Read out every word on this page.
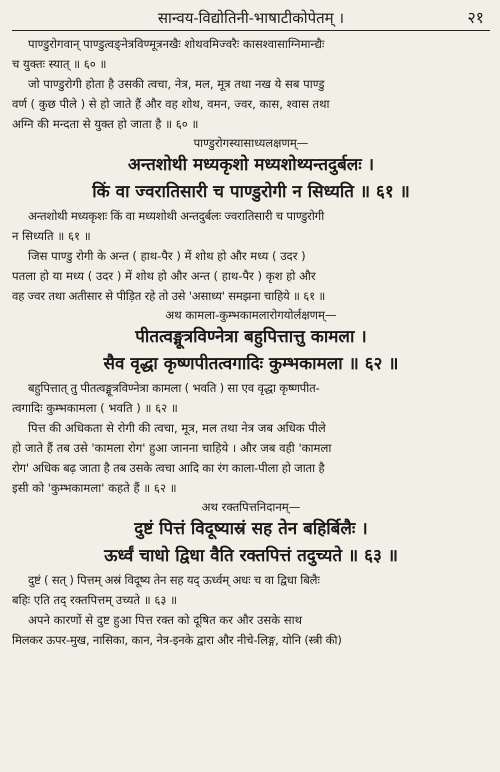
सान्वय-विद्योतिनी-भाषाटीकोपेतम् ।	२१
पाण्डुरोगवान् पाण्डुत्वङ्नेत्रविण्मूत्रनखैः शोथवमिज्वरैः कासश्वासाग्निमान्द्यैः
च युक्तः स्यात् ॥ ६० ॥
जो पाण्डुरोगी होता है उसकी त्वचा, नेत्र, मल, मूत्र तथा नख ये सब पाण्डु
वर्ण ( कुछ पीले ) से हो जाते हैं और वह शोथ, वमन, ज्वर, कास, श्वास तथा
अग्नि की मन्दता से युक्त हो जाता है ॥ ६० ॥
पाण्डुरोगस्यासाध्यलक्षणम्—
अन्तशोथी मध्यकृशो मध्यशोथ्यन्तदुर्बलः ।
किं वा ज्वरातिसारी च पाण्डुरोगी न सिध्यति ॥ ६१ ॥
अन्तशोथी मध्यकृशः किं वा मध्यशोथी अन्तदुर्बलः ज्वरातिसारी च पाण्डुरोगी
न सिध्यति ॥ ६१ ॥
जिस पाण्डु रोगी के अन्त ( हाथ-पैर ) में शोथ हो और मध्य ( उदर )
पतला हो या मध्य ( उदर ) में शोथ हो और अन्त ( हाथ-पैर ) कृश हो और
वह ज्वर तथा अतीसार से पीड़ित रहे तो उसे 'असाध्य' समझना चाहिये ॥ ६१ ॥
अथ कामला-कुम्भकामलारोगयोर्लक्षणम्—
पीतत्वङ्मूत्रविण्नेत्रा बहुपित्तात्तु कामला ।
सैव वृद्धा कृष्णपीतत्वगादिः कुम्भकामला ॥ ६२ ॥
बहुपित्तात् तु पीतत्वङ्मूत्रविण्नेत्रा कामला ( भवति ) सा एव वृद्धा कृष्णपीत-
त्वगादिः कुम्भकामला ( भवति ) ॥ ६२ ॥
पित्त की अधिकता से रोगी की त्वचा, मूत्र, मल तथा नेत्र जब अधिक पीले
हो जाते हैं तब उसे 'कामला रोग' हुआ जानना चाहिये । और जब वही 'कामला
रोग' अधिक बढ़ जाता है तब उसके त्वचा आदि का रंग काला-पीला हो जाता है
इसी को 'कुम्भकामला' कहते हैं ॥ ६२ ॥
अथ रक्तपित्तनिदानम्—
दुष्टं पित्तं विदूष्यास्रं सह तेन बहिर्बिलैः ।
ऊर्ध्वं चाधो द्विधा वैति रक्तपित्तं तदुच्यते ॥ ६३ ॥
दुष्टं ( सत् ) पित्तम् अस्रं विदूष्य तेन सह यद् ऊर्ध्वम् अधः च वा द्विधा बिलैः
बहिः एति तद् रक्तपित्तम् उच्यते ॥ ६३ ॥
अपने कारणों से दुष्ट हुआ पित्त रक्त को दूषित कर और उसके साथ
मिलकर ऊपर-मुख, नासिका, कान, नेत्र-इनके द्वारा और नीचे-लिङ्ग, योनि (स्त्री की)
